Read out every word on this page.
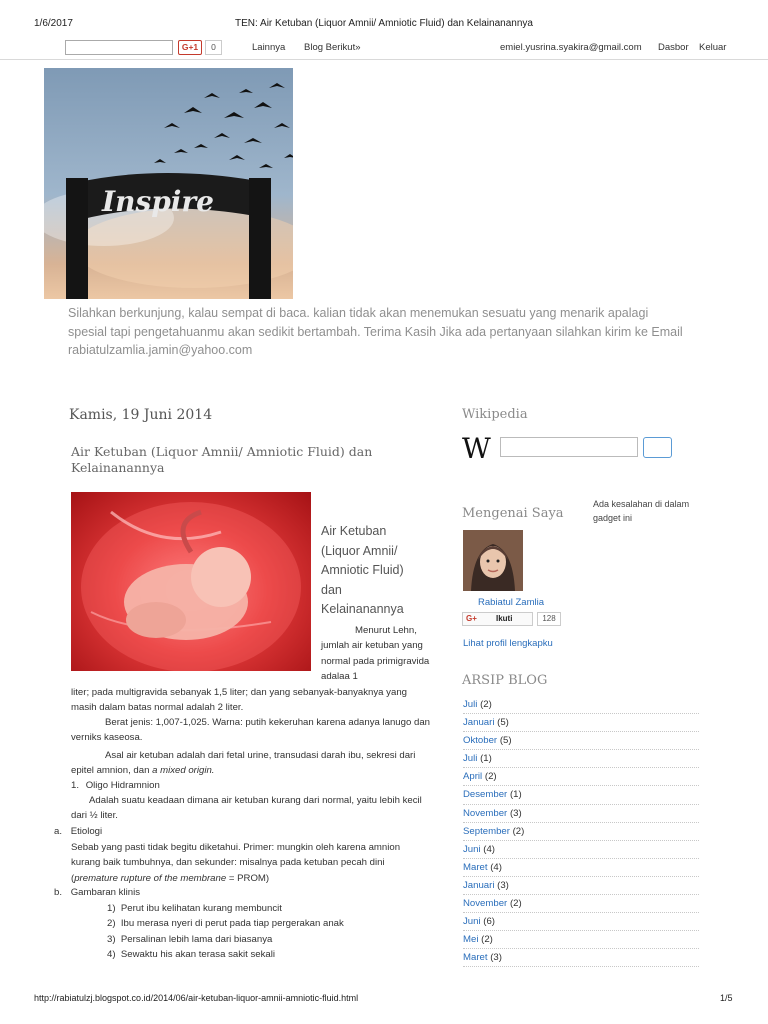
1/6/2017	TEN: Air Ketuban (Liquor Amnii/ Amniotic Fluid) dan Kelainanannya
G+1	0	Lainnya Blog Berikut»	emiel.yusrina.syakira@gmail.com Dasbor Keluar
Inspire
Silahkan berkunjung, kalau sempat di baca. kalian tidak akan menemukan sesuatu yang menarik apalagi spesial tapi pengetahuanmu akan sedikit bertambah. Terima Kasih Jika ada pertanyaan silahkan kirim ke Email rabiatulzamlia.jamin@yahoo.com
Kamis, 19 Juni 2014
Air Ketuban (Liquor Amnii/ Amniotic Fluid) dan Kelainanannya
Air Ketuban (Liquor Amnii/ Amniotic Fluid) dan Kelainanannya
Menurut Lehn, jumlah air ketuban yang normal pada primigravida adalaa 1
liter; pada multigravida sebanyak 1,5 liter; dan yang sebanyak-banyaknya yang masih dalam batas normal adalah 2 liter.
Berat jenis: 1,007-1,025. Warna: putih kekeruhan karena adanya lanugo dan verniks kaseosa.
Asal air ketuban adalah dari fetal urine, transudasi darah ibu, sekresi dari epitel amnion, dan a mixed origin.
1. Oligo Hidramnion
Adalah suatu keadaan dimana air ketuban kurang dari normal, yaitu lebih kecil dari ½ liter.
a. Etiologi
Sebab yang pasti tidak begitu diketahui. Primer: mungkin oleh karena amnion kurang baik tumbuhnya, dan sekunder: misalnya pada ketuban pecah dini (premature rupture of the membrane = PROM)
b. Gambaran klinis
1) Perut ibu kelihatan kurang membuncit
2) Ibu merasa nyeri di perut pada tiap pergerakan anak
3) Persalinan lebih lama dari biasanya
4) Sewaktu his akan terasa sakit sekali
Wikipedia
W
Mengenai Saya
Ada kesalahan di dalam gadget ini
Rabiatul Zamlia
G+ Ikuti	128
Lihat profil lengkapku
ARSIP BLOG
Juli (2)
Januari (5)
Oktober (5)
Juli (1)
April (2)
Desember (1)
November (3)
September (2)
Juni (4)
Maret (4)
Januari (3)
November (2)
Juni (6)
Mei (2)
Maret (3)
http://rabiatulzj.blogspot.co.id/2014/06/air-ketuban-liquor-amnii-amniotic-fluid.html	1/5
